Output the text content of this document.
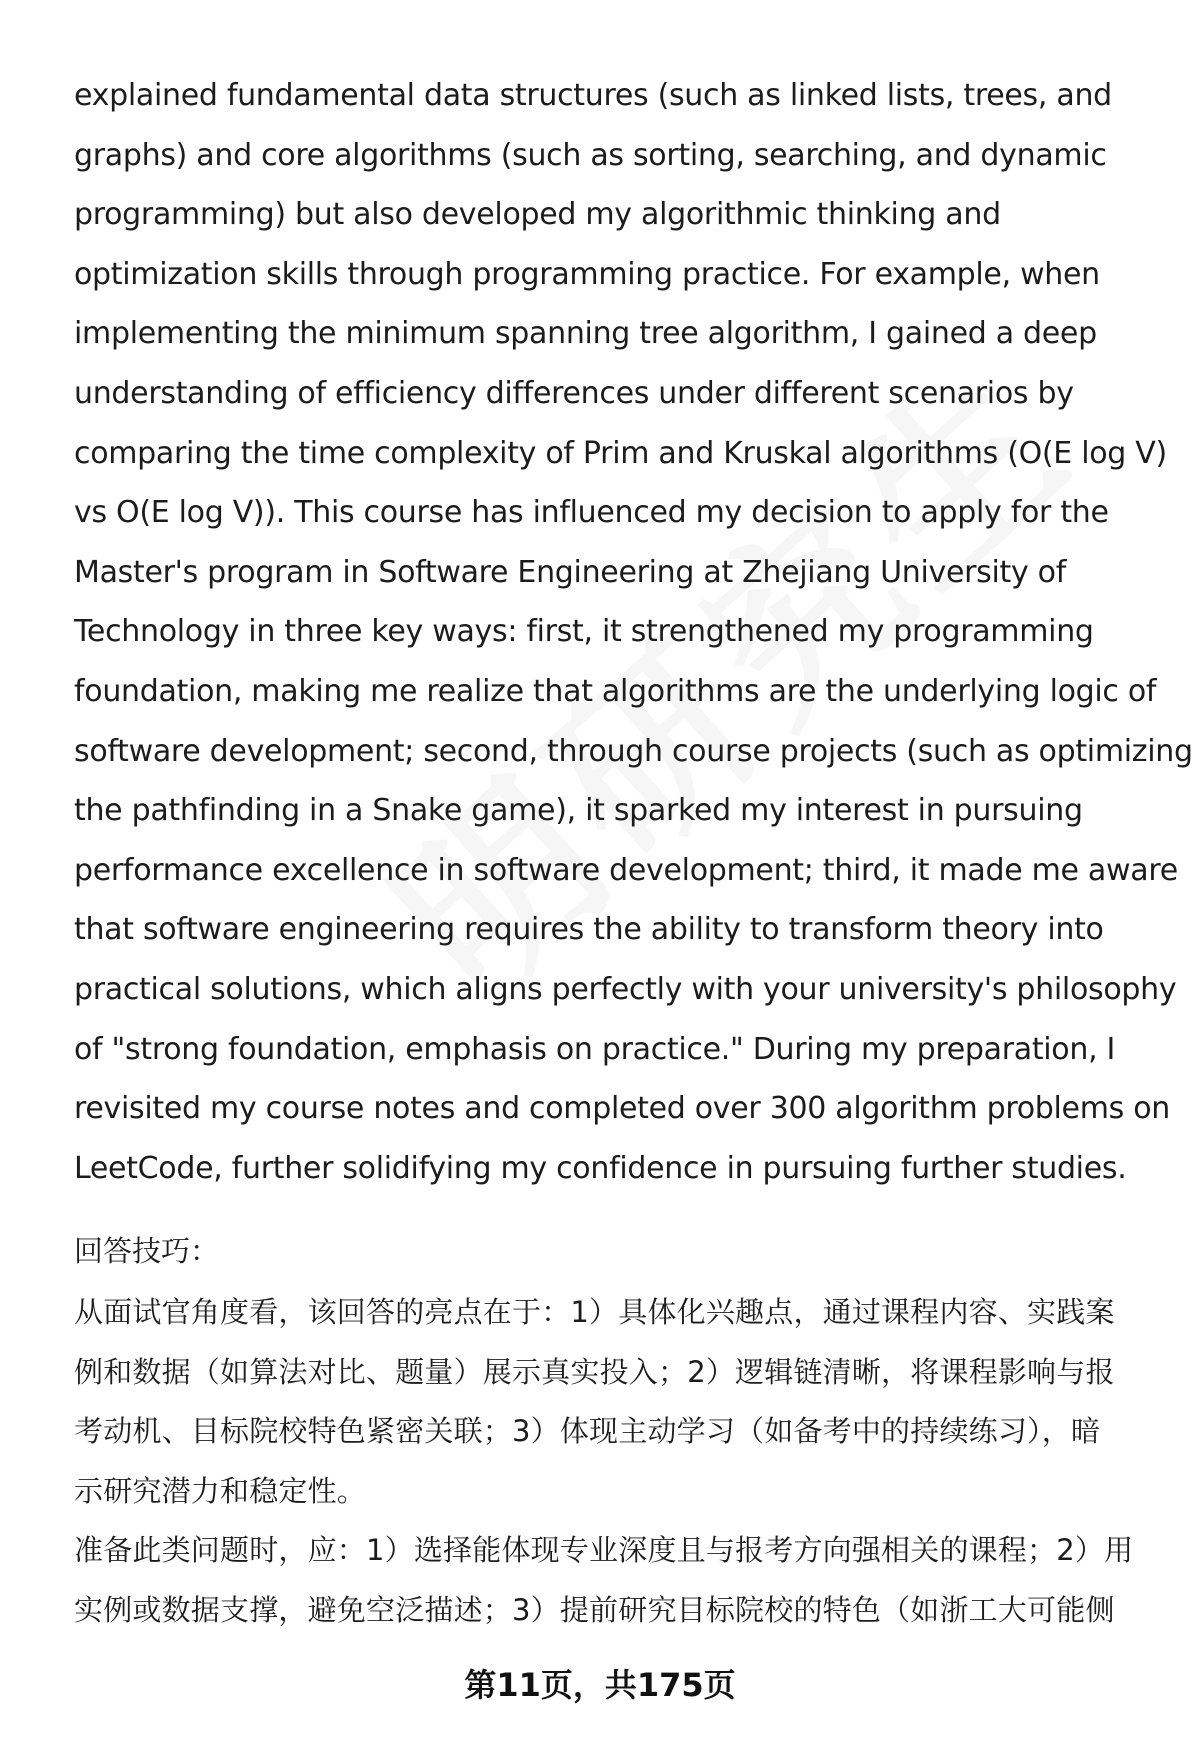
explained fundamental data structures (such as linked lists, trees, and
graphs) and core algorithms (such as sorting, searching, and dynamic
programming) but also developed my algorithmic thinking and
optimization skills through programming practice. For example, when
implementing the minimum spanning tree algorithm, I gained a deep
understanding of efficiency differences under different scenarios by
comparing the time complexity of Prim and Kruskal algorithms (O(E log V)
vs O(E log V)). This course has influenced my decision to apply for the
Master's program in Software Engineering at Zhejiang University of
Technology in three key ways: first, it strengthened my programming
foundation, making me realize that algorithms are the underlying logic of
software development; second, through course projects (such as optimizing
the pathfinding in a Snake game), it sparked my interest in pursuing
performance excellence in software development; third, it made me aware
that software engineering requires the ability to transform theory into
practical solutions, which aligns perfectly with your university's philosophy
of "strong foundation, emphasis on practice." During my preparation, I
revisited my course notes and completed over 300 algorithm problems on
LeetCode, further solidifying my confidence in pursuing further studies.
回答技巧：
从面试官角度看，该回答的亮点在于：1）具体化兴趣点，通过课程内容、实践案
例和数据（如算法对比、题量）展示真实投入；2）逻辑链清晰，将课程影响与报
考动机、目标院校特色紧密关联；3）体现主动学习（如备考中的持续练习），暗
示研究潜力和稳定性。
准备此类问题时，应：1）选择能体现专业深度且与报考方向强相关的课程；2）用
实例或数据支撑，避免空泛描述；3）提前研究目标院校的特色（如浙工大可能侧
第11页，共175页
